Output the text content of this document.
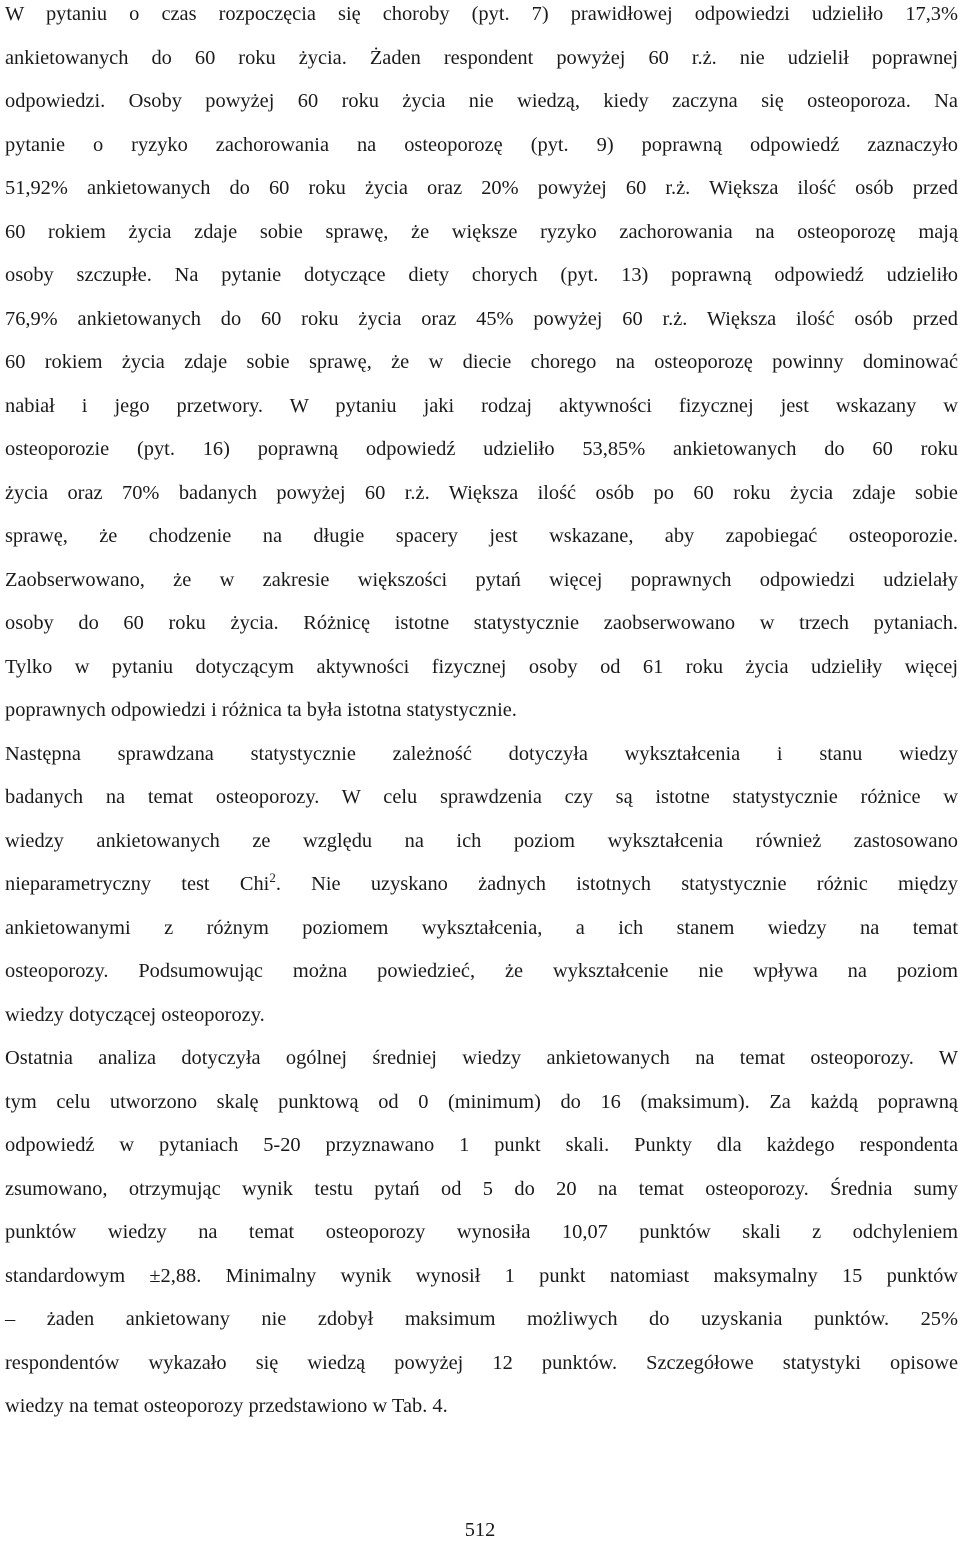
W pytaniu o czas rozpoczęcia się choroby (pyt. 7) prawidłowej odpowiedzi udzieliło 17,3%
ankietowanych do 60 roku życia. Żaden respondent powyżej 60 r.ż. nie udzielił poprawnej
odpowiedzi. Osoby powyżej 60 roku życia nie wiedzą, kiedy zaczyna się osteoporoza. Na
pytanie o ryzyko zachorowania na osteoporozę (pyt. 9) poprawną odpowiedź zaznaczyło
51,92% ankietowanych do 60 roku życia oraz 20% powyżej 60 r.ż. Większa ilość osób przed
60 rokiem życia zdaje sobie sprawę, że większe ryzyko zachorowania na osteoporozę mają
osoby szczupłe. Na pytanie dotyczące diety chorych (pyt. 13) poprawną odpowiedź udzieliło
76,9% ankietowanych do 60 roku życia oraz 45% powyżej 60 r.ż. Większa ilość osób przed
60 rokiem życia zdaje sobie sprawę, że w diecie chorego na osteoporozę powinny dominować
nabiał i jego przetwory. W pytaniu jaki rodzaj aktywności fizycznej jest wskazany w
osteoporozie (pyt. 16) poprawną odpowiedź udzieliło 53,85% ankietowanych do 60 roku
życia oraz 70% badanych powyżej 60 r.ż. Większa ilość osób po 60 roku życia zdaje sobie
sprawę, że chodzenie na długie spacery jest wskazane, aby zapobiegać osteoporozie.
Zaobserwowano, że w zakresie większości pytań więcej poprawnych odpowiedzi udzielały
osoby do 60 roku życia. Różnicę istotne statystycznie zaobserwowano w trzech pytaniach.
Tylko w pytaniu dotyczącym aktywności fizycznej osoby od 61 roku życia udzieliły więcej
poprawnych odpowiedzi i różnica ta była istotna statystycznie.
Następna sprawdzana statystycznie zależność dotyczyła wykształcenia i stanu wiedzy
badanych na temat osteoporozy. W celu sprawdzenia czy są istotne statystycznie różnice w
wiedzy ankietowanych ze względu na ich poziom wykształcenia również zastosowano
nieparametryczny test Chi$^2$. Nie uzyskano żadnych istotnych statystycznie różnic między
ankietowanymi z różnym poziomem wykształcenia, a ich stanem wiedzy na temat
osteoporozy. Podsumowując można powiedzieć, że wykształcenie nie wpływa na poziom
wiedzy dotyczącej osteoporozy.
Ostatnia analiza dotyczyła ogólnej średniej wiedzy ankietowanych na temat osteoporozy. W
tym celu utworzono skalę punktową od 0 (minimum) do 16 (maksimum). Za każdą poprawną
odpowiedź w pytaniach 5-20 przyznawano 1 punkt skali. Punkty dla każdego respondenta
zsumowano, otrzymując wynik testu pytań od 5 do 20 na temat osteoporozy. Średnia sumy
punktów wiedzy na temat osteoporozy wynosiła 10,07 punktów skali z odchyleniem
standardowym ±2,88. Minimalny wynik wynosił 1 punkt natomiast maksymalny 15 punktów
– żaden ankietowany nie zdobył maksimum możliwych do uzyskania punktów. 25%
respondentów wykazało się wiedzą powyżej 12 punktów. Szczegółowe statystyki opisowe
wiedzy na temat osteoporozy przedstawiono w Tab. 4.
512
